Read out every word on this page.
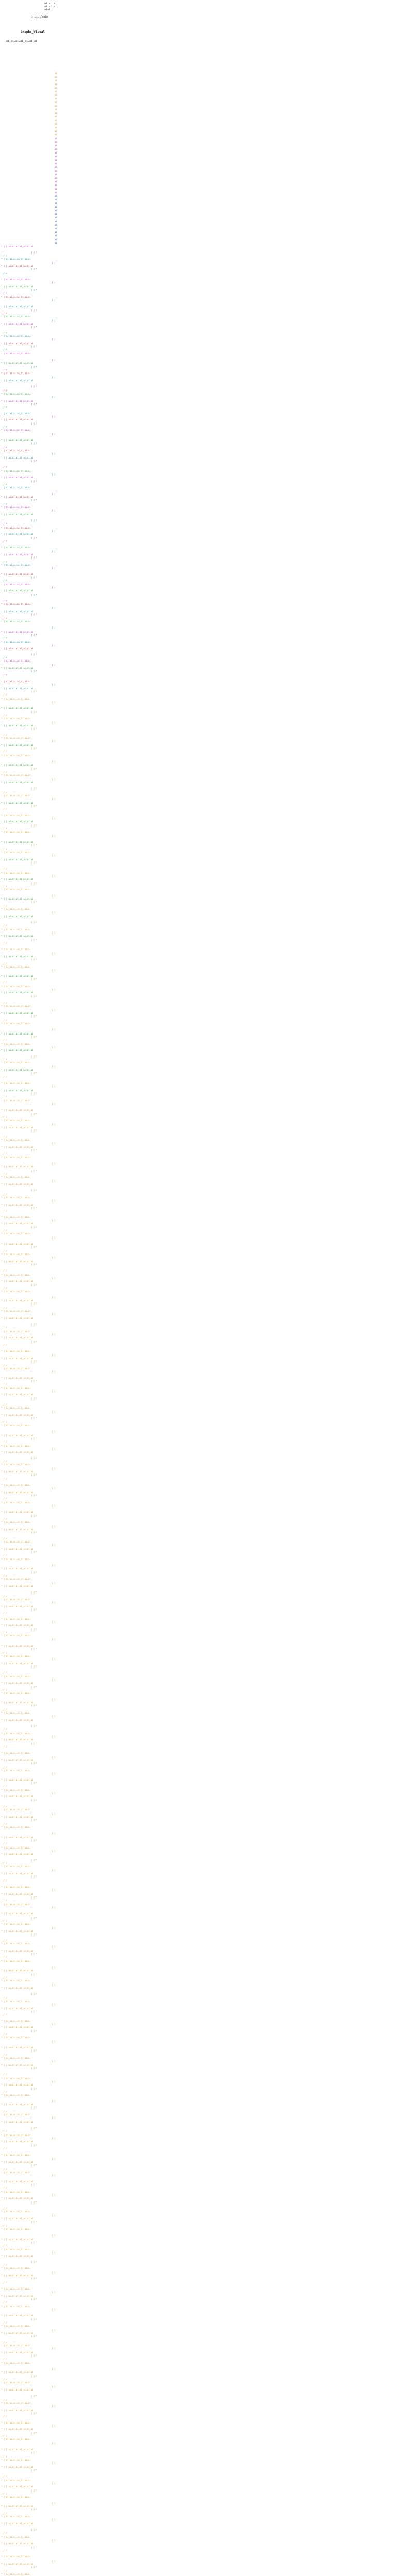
ai.ai.ai
ai.ai.ai
aiai
origin/main
Graphs_Visual
ai.ai.ai.ai_ai.ai.ai
ai
ai
ai
ai
ai
ai
ai
ai
ai
ai
ai
ai
ai
ai
ai
ai
ai
ai
ai
ai
ai
ai
ai
ai
ai
ai
ai
ai
ai
ai
ai
ai
ai
ai
ai
ai
ai
ai
ai
ai
ai
ai
ai
ai
ai
ai
ai
ai
* | | ai.ai.ai.ai_ai.ai.ai
| | *
|/ /
* | ai.ai.ai.ai_ai.ai.ai
| |
* | | ai.ai.ai.ai_ai.ai.ai
| | *
|/ /
* | ai.ai.ai.ai_ai.ai.ai
| |
* | | ai.ai.ai.ai_ai.ai.ai
| | *
|/ /
* | ai.ai.ai.ai_ai.ai.ai
| |
* | | ai.ai.ai.ai_ai.ai.ai
| | *
|/ /
* | ai.ai.ai.ai_ai.ai.ai
| |
* | | ai.ai.ai.ai_ai.ai.ai
| | *
|/ /
* | ai.ai.ai.ai_ai.ai.ai
| |
* | | ai.ai.ai.ai_ai.ai.ai
| | *
|/ /
* | ai.ai.ai.ai_ai.ai.ai
| |
* | | ai.ai.ai.ai_ai.ai.ai
| | *
|/ /
* | ai.ai.ai.ai_ai.ai.ai
| |
* | | ai.ai.ai.ai_ai.ai.ai
| | *
|/ /
* | ai.ai.ai.ai_ai.ai.ai
| |
* | | ai.ai.ai.ai_ai.ai.ai
| | *
|/ /
* | ai.ai.ai.ai_ai.ai.ai
| |
* | | ai.ai.ai.ai_ai.ai.ai
| | *
|/ /
* | ai.ai.ai.ai_ai.ai.ai
| |
* | | ai.ai.ai.ai_ai.ai.ai
| | *
|/ /
* | ai.ai.ai.ai_ai.ai.ai
| |
* | | ai.ai.ai.ai_ai.ai.ai
| | *
|/ /
* | ai.ai.ai.ai_ai.ai.ai
| |
* | | ai.ai.ai.ai_ai.ai.ai
| | *
|/ /
* | ai.ai.ai.ai_ai.ai.ai
| |
* | | ai.ai.ai.ai_ai.ai.ai
| | *
|/ /
* | ai.ai.ai.ai_ai.ai.ai
| |
* | | ai.ai.ai.ai_ai.ai.ai
| | *
|/ /
* | ai.ai.ai.ai_ai.ai.ai
| |
* | | ai.ai.ai.ai_ai.ai.ai
| | *
|/ /
* | ai.ai.ai.ai_ai.ai.ai
| |
* | | ai.ai.ai.ai_ai.ai.ai
| | *
|/ /
* | ai.ai.ai.ai_ai.ai.ai
| |
* | | ai.ai.ai.ai_ai.ai.ai
| | *
|/ /
* | ai.ai.ai.ai_ai.ai.ai
| |
* | | ai.ai.ai.ai_ai.ai.ai
| | *
|/ /
* | ai.ai.ai.ai_ai.ai.ai
| |
* | | ai.ai.ai.ai_ai.ai.ai
| | *
|/ /
* | ai.ai.ai.ai_ai.ai.ai
| |
* | | ai.ai.ai.ai_ai.ai.ai
| | *
|/ /
* | ai.ai.ai.ai_ai.ai.ai
| |
* | | ai.ai.ai.ai_ai.ai.ai
| | *
|/ /
* | ai.ai.ai.ai_ai.ai.ai
| |
* | | ai.ai.ai.ai_ai.ai.ai
| | *
|/ /
* | ai.ai.ai.ai_ai.ai.ai
| |
* | | ai.ai.ai.ai_ai.ai.ai
| | *
|/ /
* | ai.ai.ai.ai_ai.ai.ai
| |
* | | ai.ai.ai.ai_ai.ai.ai
| | *
|/ /
* | ai.ai.ai.ai_ai.ai.ai
| |
* | | ai.ai.ai.ai_ai.ai.ai
| | *
|/ /
* | ai.ai.ai.ai_ai.ai.ai
| |
* | | ai.ai.ai.ai_ai.ai.ai
| | *
|/ /
* | ai.ai.ai.ai_ai.ai.ai
| |
* | | ai.ai.ai.ai_ai.ai.ai
| | *
|/ /
* | ai.ai.ai.ai_ai.ai.ai
| |
* | | ai.ai.ai.ai_ai.ai.ai
| | *
|/ /
* | ai.ai.ai.ai_ai.ai.ai
| |
* | | ai.ai.ai.ai_ai.ai.ai
| | *
|/ /
* | ai.ai.ai.ai_ai.ai.ai
| |
* | | ai.ai.ai.ai_ai.ai.ai
| | *
|/ /
* | ai.ai.ai.ai_ai.ai.ai
| |
* | | ai.ai.ai.ai_ai.ai.ai
| | *
|/ /
* | ai.ai.ai.ai_ai.ai.ai
| |
* | | ai.ai.ai.ai_ai.ai.ai
| | *
|/ /
* | ai.ai.ai.ai_ai.ai.ai
| |
* | | ai.ai.ai.ai_ai.ai.ai
| | *
|/ /
* | ai.ai.ai.ai_ai.ai.ai
| |
* | | ai.ai.ai.ai_ai.ai.ai
| | *
|/ /
* | ai.ai.ai.ai_ai.ai.ai
| |
* | | ai.ai.ai.ai_ai.ai.ai
| | *
|/ /
* | ai.ai.ai.ai_ai.ai.ai
| |
* | | ai.ai.ai.ai_ai.ai.ai
| | *
|/ /
* | ai.ai.ai.ai_ai.ai.ai
| |
* | | ai.ai.ai.ai_ai.ai.ai
| | *
|/ /
* | ai.ai.ai.ai_ai.ai.ai
| |
* | | ai.ai.ai.ai_ai.ai.ai
| | *
|/ /
* | ai.ai.ai.ai_ai.ai.ai
| |
* | | ai.ai.ai.ai_ai.ai.ai
| | *
|/ /
* | ai.ai.ai.ai_ai.ai.ai
| |
* | | ai.ai.ai.ai_ai.ai.ai
| | *
|/ /
* | ai.ai.ai.ai_ai.ai.ai
| |
* | | ai.ai.ai.ai_ai.ai.ai
| | *
|/ /
* | ai.ai.ai.ai_ai.ai.ai
| |
* | | ai.ai.ai.ai_ai.ai.ai
| | *
|/ /
* | ai.ai.ai.ai_ai.ai.ai
| |
* | | ai.ai.ai.ai_ai.ai.ai
| | *
|/ /
* | ai.ai.ai.ai_ai.ai.ai
| |
* | | ai.ai.ai.ai_ai.ai.ai
| | *
|/ /
* | ai.ai.ai.ai_ai.ai.ai
| |
* | | ai.ai.ai.ai_ai.ai.ai
| | *
|/ /
* | ai.ai.ai.ai_ai.ai.ai
| |
* | | ai.ai.ai.ai_ai.ai.ai
| | *
|/ /
* | ai.ai.ai.ai_ai.ai.ai
| |
* | | ai.ai.ai.ai_ai.ai.ai
| | *
|/ /
* | ai.ai.ai.ai_ai.ai.ai
| |
* | | ai.ai.ai.ai_ai.ai.ai
| | *
|/ /
* | ai.ai.ai.ai_ai.ai.ai
| |
* | | ai.ai.ai.ai_ai.ai.ai
| | *
|/ /
* | ai.ai.ai.ai_ai.ai.ai
| |
* | | ai.ai.ai.ai_ai.ai.ai
| | *
|/ /
* | ai.ai.ai.ai_ai.ai.ai
| |
* | | ai.ai.ai.ai_ai.ai.ai
| | *
|/ /
* | ai.ai.ai.ai_ai.ai.ai
| |
* | | ai.ai.ai.ai_ai.ai.ai
| | *
|/ /
* | ai.ai.ai.ai_ai.ai.ai
| |
* | | ai.ai.ai.ai_ai.ai.ai
| | *
|/ /
* | ai.ai.ai.ai_ai.ai.ai
| |
* | | ai.ai.ai.ai_ai.ai.ai
| | *
|/ /
* | ai.ai.ai.ai_ai.ai.ai
| |
* | | ai.ai.ai.ai_ai.ai.ai
| | *
|/ /
* | ai.ai.ai.ai_ai.ai.ai
| |
* | | ai.ai.ai.ai_ai.ai.ai
| | *
|/ /
* | ai.ai.ai.ai_ai.ai.ai
| |
* | | ai.ai.ai.ai_ai.ai.ai
| | *
|/ /
* | ai.ai.ai.ai_ai.ai.ai
| |
* | | ai.ai.ai.ai_ai.ai.ai
| | *
|/ /
* | ai.ai.ai.ai_ai.ai.ai
| |
* | | ai.ai.ai.ai_ai.ai.ai
| | *
|/ /
* | ai.ai.ai.ai_ai.ai.ai
| |
* | | ai.ai.ai.ai_ai.ai.ai
| | *
|/ /
* | ai.ai.ai.ai_ai.ai.ai
| |
* | | ai.ai.ai.ai_ai.ai.ai
| | *
|/ /
* | ai.ai.ai.ai_ai.ai.ai
| |
* | | ai.ai.ai.ai_ai.ai.ai
| | *
|/ /
* | ai.ai.ai.ai_ai.ai.ai
| |
* | | ai.ai.ai.ai_ai.ai.ai
| | *
|/ /
* | ai.ai.ai.ai_ai.ai.ai
| |
* | | ai.ai.ai.ai_ai.ai.ai
| | *
|/ /
* | ai.ai.ai.ai_ai.ai.ai
| |
* | | ai.ai.ai.ai_ai.ai.ai
| | *
|/ /
* | ai.ai.ai.ai_ai.ai.ai
| |
* | | ai.ai.ai.ai_ai.ai.ai
| | *
|/ /
* | ai.ai.ai.ai_ai.ai.ai
| |
* | | ai.ai.ai.ai_ai.ai.ai
| | *
|/ /
* | ai.ai.ai.ai_ai.ai.ai
| |
* | | ai.ai.ai.ai_ai.ai.ai
| | *
|/ /
* | ai.ai.ai.ai_ai.ai.ai
| |
* | | ai.ai.ai.ai_ai.ai.ai
| | *
|/ /
* | ai.ai.ai.ai_ai.ai.ai
| |
* | | ai.ai.ai.ai_ai.ai.ai
| | *
|/ /
* | ai.ai.ai.ai_ai.ai.ai
| |
* | | ai.ai.ai.ai_ai.ai.ai
| | *
|/ /
* | ai.ai.ai.ai_ai.ai.ai
| |
* | | ai.ai.ai.ai_ai.ai.ai
| | *
|/ /
* | ai.ai.ai.ai_ai.ai.ai
| |
* | | ai.ai.ai.ai_ai.ai.ai
| | *
|/ /
* | ai.ai.ai.ai_ai.ai.ai
| |
* | | ai.ai.ai.ai_ai.ai.ai
| | *
|/ /
* | ai.ai.ai.ai_ai.ai.ai
| |
* | | ai.ai.ai.ai_ai.ai.ai
| | *
|/ /
* | ai.ai.ai.ai_ai.ai.ai
| |
* | | ai.ai.ai.ai_ai.ai.ai
| | *
|/ /
* | ai.ai.ai.ai_ai.ai.ai
| |
* | | ai.ai.ai.ai_ai.ai.ai
| | *
|/ /
* | ai.ai.ai.ai_ai.ai.ai
| |
* | | ai.ai.ai.ai_ai.ai.ai
| | *
|/ /
* | ai.ai.ai.ai_ai.ai.ai
| |
* | | ai.ai.ai.ai_ai.ai.ai
| | *
|/ /
* | ai.ai.ai.ai_ai.ai.ai
| |
* | | ai.ai.ai.ai_ai.ai.ai
| | *
|/ /
* | ai.ai.ai.ai_ai.ai.ai
| |
* | | ai.ai.ai.ai_ai.ai.ai
| | *
|/ /
* | ai.ai.ai.ai_ai.ai.ai
| |
* | | ai.ai.ai.ai_ai.ai.ai
| | *
|/ /
* | ai.ai.ai.ai_ai.ai.ai
| |
* | | ai.ai.ai.ai_ai.ai.ai
| | *
|/ /
* | ai.ai.ai.ai_ai.ai.ai
| |
* | | ai.ai.ai.ai_ai.ai.ai
| | *
|/ /
* | ai.ai.ai.ai_ai.ai.ai
| |
* | | ai.ai.ai.ai_ai.ai.ai
| | *
|/ /
* | ai.ai.ai.ai_ai.ai.ai
| |
* | | ai.ai.ai.ai_ai.ai.ai
| | *
|/ /
* | ai.ai.ai.ai_ai.ai.ai
| |
* | | ai.ai.ai.ai_ai.ai.ai
| | *
|/ /
* | ai.ai.ai.ai_ai.ai.ai
| |
* | | ai.ai.ai.ai_ai.ai.ai
| | *
|/ /
* | ai.ai.ai.ai_ai.ai.ai
| |
* | | ai.ai.ai.ai_ai.ai.ai
| | *
|/ /
* | ai.ai.ai.ai_ai.ai.ai
| |
* | | ai.ai.ai.ai_ai.ai.ai
| | *
|/ /
* | ai.ai.ai.ai_ai.ai.ai
| |
* | | ai.ai.ai.ai_ai.ai.ai
| | *
|/ /
* | ai.ai.ai.ai_ai.ai.ai
| |
* | | ai.ai.ai.ai_ai.ai.ai
| | *
|/ /
* | ai.ai.ai.ai_ai.ai.ai
| |
* | | ai.ai.ai.ai_ai.ai.ai
| | *
|/ /
* | ai.ai.ai.ai_ai.ai.ai
| |
* | | ai.ai.ai.ai_ai.ai.ai
| | *
|/ /
* | ai.ai.ai.ai_ai.ai.ai
| |
* | | ai.ai.ai.ai_ai.ai.ai
| | *
|/ /
* | ai.ai.ai.ai_ai.ai.ai
| |
* | | ai.ai.ai.ai_ai.ai.ai
| | *
|/ /
* | ai.ai.ai.ai_ai.ai.ai
| |
* | | ai.ai.ai.ai_ai.ai.ai
| | *
|/ /
* | ai.ai.ai.ai_ai.ai.ai
| |
* | | ai.ai.ai.ai_ai.ai.ai
| | *
|/ /
* | ai.ai.ai.ai_ai.ai.ai
| |
* | | ai.ai.ai.ai_ai.ai.ai
| | *
|/ /
* | ai.ai.ai.ai_ai.ai.ai
| |
* | | ai.ai.ai.ai_ai.ai.ai
| | *
|/ /
* | ai.ai.ai.ai_ai.ai.ai
| |
* | | ai.ai.ai.ai_ai.ai.ai
| | *
|/ /
* | ai.ai.ai.ai_ai.ai.ai
| |
* | | ai.ai.ai.ai_ai.ai.ai
| | *
|/ /
* | ai.ai.ai.ai_ai.ai.ai
| |
* | | ai.ai.ai.ai_ai.ai.ai
| | *
|/ /
* | ai.ai.ai.ai_ai.ai.ai
| |
* | | ai.ai.ai.ai_ai.ai.ai
| | *
|/ /
* | ai.ai.ai.ai_ai.ai.ai
| |
* | | ai.ai.ai.ai_ai.ai.ai
| | *
|/ /
* | ai.ai.ai.ai_ai.ai.ai
| |
* | | ai.ai.ai.ai_ai.ai.ai
| | *
|/ /
* | ai.ai.ai.ai_ai.ai.ai
| |
* | | ai.ai.ai.ai_ai.ai.ai
| | *
|/ /
* | ai.ai.ai.ai_ai.ai.ai
| |
* | | ai.ai.ai.ai_ai.ai.ai
| | *
|/ /
* | ai.ai.ai.ai_ai.ai.ai
| |
* | | ai.ai.ai.ai_ai.ai.ai
| | *
|/ /
* | ai.ai.ai.ai_ai.ai.ai
| |
* | | ai.ai.ai.ai_ai.ai.ai
| | *
|/ /
* | ai.ai.ai.ai_ai.ai.ai
| |
* | | ai.ai.ai.ai_ai.ai.ai
| | *
|/ /
* | ai.ai.ai.ai_ai.ai.ai
| |
* | | ai.ai.ai.ai_ai.ai.ai
| | *
|/ /
* | ai.ai.ai.ai_ai.ai.ai
| |
* | | ai.ai.ai.ai_ai.ai.ai
| | *
|/ /
* | ai.ai.ai.ai_ai.ai.ai
| |
* | | ai.ai.ai.ai_ai.ai.ai
| | *
|/ /
* | ai.ai.ai.ai_ai.ai.ai
| |
* | | ai.ai.ai.ai_ai.ai.ai
| | *
|/ /
* | ai.ai.ai.ai_ai.ai.ai
| |
* | | ai.ai.ai.ai_ai.ai.ai
| | *
|/ /
* | ai.ai.ai.ai_ai.ai.ai
| |
* | | ai.ai.ai.ai_ai.ai.ai
| | *
|/ /
* | ai.ai.ai.ai_ai.ai.ai
| |
* | | ai.ai.ai.ai_ai.ai.ai
| | *
|/ /
* | ai.ai.ai.ai_ai.ai.ai
| |
* | | ai.ai.ai.ai_ai.ai.ai
| | *
|/ /
* | ai.ai.ai.ai_ai.ai.ai
| |
* | | ai.ai.ai.ai_ai.ai.ai
| | *
|/ /
* | ai.ai.ai.ai_ai.ai.ai
| |
* | | ai.ai.ai.ai_ai.ai.ai
| | *
|/ /
* | ai.ai.ai.ai_ai.ai.ai
